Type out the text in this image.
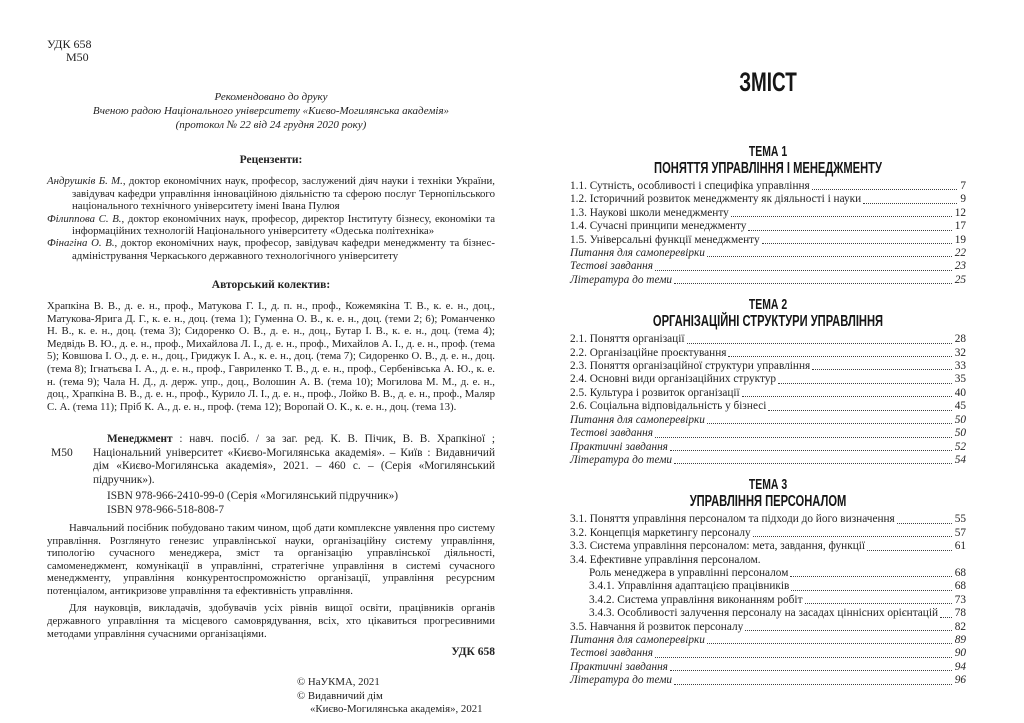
УДК 658
М50
Рекомендовано до друку
Вченою радою Національного університету «Києво-Могилянська академія»
(протокол № 22 від 24 грудня 2020 року)
Рецензенти:

Андрушків Б. М., доктор економічних наук, професор, заслужений діяч науки і техніки України, завідувач кафедри управління інноваційною діяльністю та сферою послуг Тернопільського національного технічного університету імені Івана Пулюя

Філиппова С. В., доктор економічних наук, професор, директор Інституту бізнесу, економіки та інформаційних технологій Національного університету «Одеська політехніка»

Фінагіна О. В., доктор економічних наук, професор, завідувач кафедри менеджменту та бізнес-адміністрування Черкаського державного технологічного університету

Авторський колектив:
Храпкіна В. В., д. е. н., проф., Матукова Г. І., д. п. н., проф., Кожемякіна Т. В., к. е. н., доц., Матукова-Ярига Д. Г., к. е. н., доц. (тема 1); Гуменна О. В., к. е. н., доц. (теми 2; 6); Романченко Н. В., к. е. н., доц. (тема 3); Сидоренко О. В., д. е. н., доц., Бутар І. В., к. е. н., доц. (тема 4); Медвідь В. Ю., д. е. н., проф., Михайлова Л. І., д. е. н., проф., Михайлов А. І., д. е. н., проф. (тема 5); Ковшова І. О., д. е. н., доц., Гриджук І. А., к. е. н., доц. (тема 7); Сидоренко О. В., д. е. н., доц. (тема 8); Ігнатьєва І. А., д. е. н., проф., Гавриленко Т. В., д. е. н., проф., Сербенівська А. Ю., к. е. н. (тема 9); Чала Н. Д., д. держ. упр., доц., Волошин А. В. (тема 10); Могилова М. М., д. е. н., доц., Храпкіна В. В., д. е. н., проф., Курило Л. І., д. е. н., проф., Лойко В. В., д. е. н., проф., Маляр С. А. (тема 11); Пріб К. А., д. е. н., проф. (тема 12); Воропай О. К., к. е. н., доц. (тема 13).
М50

Менеджмент : навч. посіб. / за заг. ред. К. В. Пічик, В. В. Храпкіної ; Національний університет «Києво-Могилянська академія». – Київ : Видавничий дім «Києво-Могилянська академія», 2021. – 460 с. – (Серія «Могилянський підручник»).

ISBN 978-966-2410-99-0 (Серія «Могилянський підручник»)
ISBN 978-966-518-808-7

Навчальний посібник побудовано таким чином, щоб дати комплексне уявлення про систему управління. Розглянуто генезис управлінської науки, організаційну систему управління, типологію сучасного менеджера, зміст та організацію управлінської діяльності, самоменеджмент, комунікації в управлінні, стратегічне управління в системі сучасного менеджменту, управління конкурентоспроможністю організації, управління ресурсним потенціалом, антикризове управління та ефективність управління.

Для науковців, викладачів, здобувачів усіх рівнів вищої освіти, працівників органів державного управління та місцевого самоврядування, всіх, хто цікавиться прогресивними методами управління сучасними організаціями.

УДК 658
© НаУКМА, 2021
© Видавничий дім
«Києво-Могилянська академія», 2021
ЗМІСТ
ТЕМА 1
ПОНЯТТЯ УПРАВЛІННЯ І МЕНЕДЖМЕНТУ
1.1. Сутність, особливості і специфіка управління	7
1.2. Історичний розвиток менеджменту як діяльності і науки	9
1.3. Наукові школи менеджменту	12
1.4. Сучасні принципи менеджменту	17
1.5. Універсальні функції менеджменту	19
Питання для самоперевірки	22
Тестові завдання	23
Література до теми	25
ТЕМА 2
ОРГАНІЗАЦІЙНІ СТРУКТУРИ УПРАВЛІННЯ
2.1. Поняття організації	28
2.2. Організаційне проєктування	32
2.3. Поняття організаційної структури управління	33
2.4. Основні види організаційних структур	35
2.5. Культура і розвиток організації	40
2.6. Соціальна відповідальність у бізнесі	45
Питання для самоперевірки	50
Тестові завдання	50
Практичні завдання	52
Література до теми	54
ТЕМА 3
УПРАВЛІННЯ ПЕРСОНАЛОМ
3.1. Поняття управління персоналом та підходи до його визначення	55
3.2. Концепція маркетингу персоналу	57
3.3. Система управління персоналом: мета, завдання, функції	61
3.4. Ефективне управління персоналом.
Роль менеджера в управлінні персоналом	68
3.4.1. Управління адаптацією працівників	68
3.4.2. Система управління виконанням робіт	73
3.4.3. Особливості залучення персоналу на засадах ціннісних орієнтацій 78
3.5. Навчання й розвиток персоналу	82
Питання для самоперевірки	89
Тестові завдання	90
Практичні завдання	94
Література до теми	96
